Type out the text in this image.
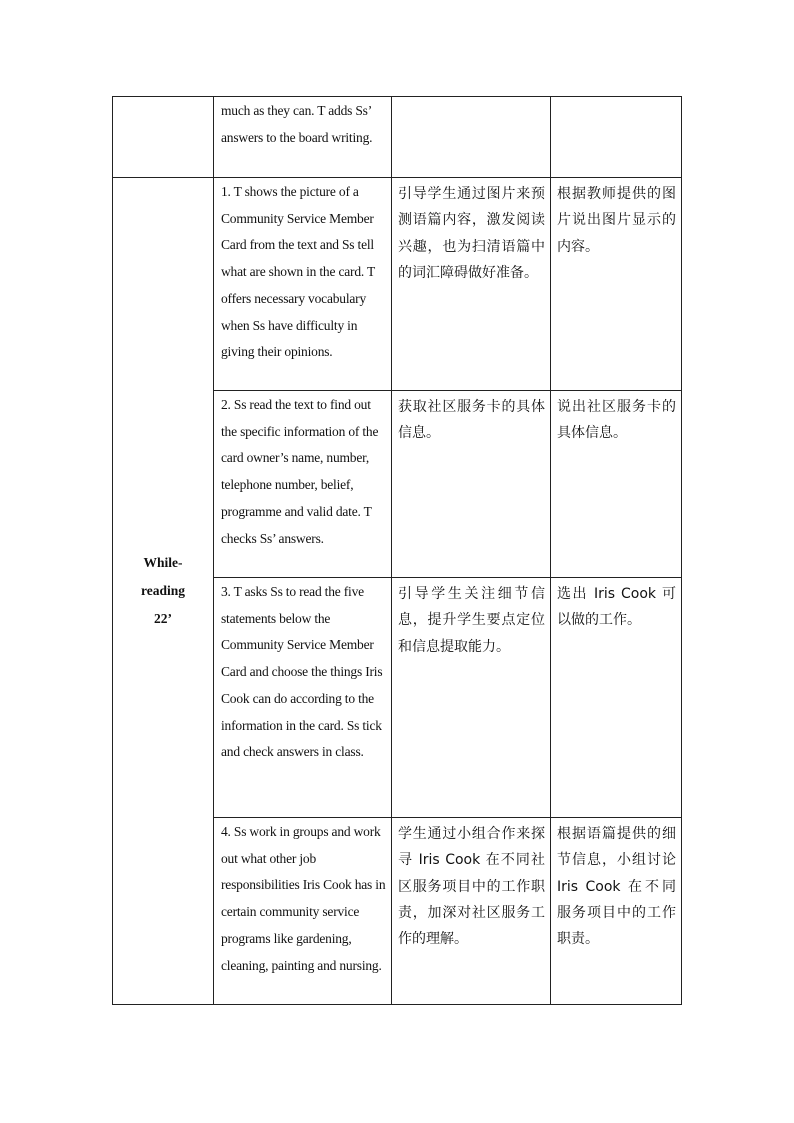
	much as they can. T adds Ss’ answers to the board writing.		

While-
reading
22’	1. T shows the picture of a Community Service Member Card from the text and Ss tell what are shown in the card. T offers necessary vocabulary when Ss have difficulty in giving their opinions.	引导学生通过图片来预测语篇内容，激发阅读兴趣，也为扫清语篇中的词汇障碍做好准备。	根据教师提供的图片说出图片显示的内容。
	2. Ss read the text to find out the specific information of the card owner’s name, number, telephone number, belief, programme and valid date. T checks Ss’ answers.	获取社区服务卡的具体信息。	说出社区服务卡的具体信息。
	3. T asks Ss to read the five statements below the Community Service Member Card and choose the things Iris Cook can do according to the information in the card. Ss tick and check answers in class.	引导学生关注细节信息，提升学生要点定位和信息提取能力。	选出 Iris Cook 可以做的工作。
	4. Ss work in groups and work out what other job responsibilities Iris Cook has in certain community service programs like gardening, cleaning, painting and nursing.	学生通过小组合作来探寻 Iris Cook 在不同社区服务项目中的工作职责，加深对社区服务工作的理解。	根据语篇提供的细节信息，小组讨论 Iris Cook 在不同服务项目中的工作职责。
